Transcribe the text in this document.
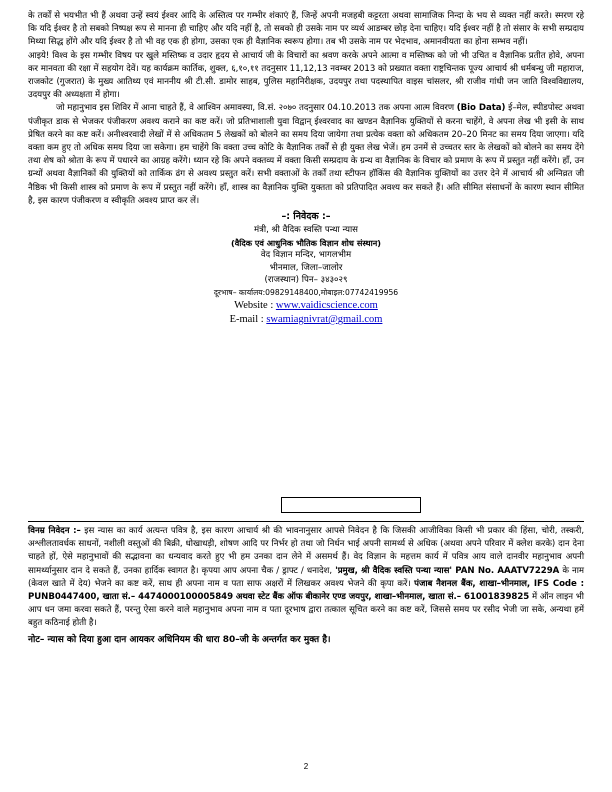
के तर्कों से भयभीत भी हैं अथवा उन्हें स्वयं ईश्वर आदि के अस्तित्व पर गम्भीर शंकाएं हैं, जिन्हें अपनी मजहबी कट्टरता अथवा सामाजिक निन्दा के भय से व्यक्त नहीं करते। स्मरण रहे कि यदि ईश्वर है तो सबको निष्पक्ष रूप से मानना ही चाहिए और यदि नहीं है, तो सबको ही उसके नाम पर व्यर्थ आडम्बर छोड़ देना चाहिए। यदि ईश्वर नहीं है तो संसार के सभी सम्प्रदाय मिथ्या सिद्ध होंगे और यदि ईश्वर है तो भी वह एक ही होगा, उसका एक ही वैज्ञानिक स्वरूप होगा। तब भी उसके नाम पर भेदभाव, अमानवीयता का होना सम्भव नहीं।

आइये! विश्व के इस गम्भीर विषय पर खुले मस्तिष्क व उदार हृदय से आचार्य जी के विचारों का श्रवण करके अपने आत्मा व मस्तिष्क को जो भी उचित व वैज्ञानिक प्रतीत होवे, अपना कर मानवता की रक्षा में सहयोग देवें। यह कार्यक्रम कार्तिक, शुक्ल, ६,१०,११ तदनुसार 11,12,13 नवम्बर 2013 को प्रख्यात वक्ता राष्ट्रचिन्तक पूज्य आचार्य श्री धर्मबन्धु जी महाराज, राजकोट (गुजरात) के मुख्य आतिथ्य एवं माननीय श्री टी.सी. डामोर साहब, पुलिस महानिरीक्षक, उदयपुर तथा पदस्थापित वाइस चांसलर, श्री राजीव गांधी जन जाति विश्वविद्यालय, उदयपुर की अध्यक्षता में होगा।

जो महानुभाव इस शिविर में आना चाहते हैं, वे आश्विन अमावस्या, वि.सं. २०७० तदनुसार 04.10.2013 तक अपना आत्म विवरण (Bio Data) ई–मेल, स्पीडपोस्ट अथवा पंजीकृत डाक से भेजकर पंजीकरण अवश्य कराने का कष्ट करें। जो प्रतिभाशाली युवा विद्वान् ईश्वरवाद का खण्डन वैज्ञानिक युक्तियों से करना चाहेंगे, वे अपना लेख भी इसी के साथ प्रेषित करने का कष्ट करें। अनीश्वरवादी लेखों में से अधिकतम 5 लेखकों को बोलने का समय दिया जायेगा तथा प्रत्येक वक्ता को अधिकतम 20–20 मिनट का समय दिया जाएगा। यदि वक्ता कम हुए तो अधिक समय दिया जा सकेगा। हम चाहेंगे कि वक्ता उच्च कोटि के वैज्ञानिक तर्कों से ही युक्त लेख भेजें। हम उनमें से उच्चतर स्तर के लेखकों को बोलने का समय देंगे तथा शेष को श्रोता के रूप में पधारने का आग्रह करेंगे। ध्यान रहे कि अपने वक्तव्य में वक्ता किसी सम्प्रदाय के ग्रन्थ वा वैज्ञानिक के विचार को प्रमाण के रूप में प्रस्तुत नहीं करेंगे। हाँ, उन ग्रन्थों अथवा वैज्ञानिकों की युक्तियों को तार्किक ढंग से अवश्य प्रस्तुत करें। सभी वक्ताओं के तर्कों तथा स्टीफन हॉकिंस की वैज्ञानिक युक्तियों का उत्तर देने में आचार्य श्री अग्निव्रत जी नैष्ठिक भी किसी शास्त्र को प्रमाण के रूप में प्रस्तुत नहीं करेंगे। हाँ, शास्त्र का वैज्ञानिक युक्ति युक्तता को प्रतिपादित अवश्य कर सकते हैं। अति सीमित संसाधनों के कारण स्थान सीमित है, इस कारण पंजीकरण व स्वीकृति अवश्य प्राप्त कर लें।

–: निवेदक :–
मंत्री, श्री वैदिक स्वस्ति पन्था न्यास
(वैदिक एवं आधुनिक भौतिक विज्ञान शोध संस्थान)
वेद विज्ञान मन्दिर, भागलभीम
भीनमाल, जिला–जालोर
(राजस्थान) पिन– ३४३०२९
दूरभाष– कार्यालय:09829148400,मोबाइल:07742419956
Website : www.vaidicscience.com
E-mail : swamiagnivrat@gmail.com

विनम्र निवेदन :– इस न्यास का कार्य अत्यन्त पवित्र है, इस कारण आचार्य श्री की भावनानुसार आपसे निवेदन है कि जिसकी आजीविका किसी भी प्रकार की हिंसा, चोरी, तस्करी, अश्लीलतावर्धक साधनों, नशीली वस्तुओं की बिक्री, धोखाधड़ी, शोषण आदि पर निर्भर हो तथा जो निर्धन भाई अपनी सामर्थ्य से अधिक (अथवा अपने परिवार में क्लेश करके) दान देना चाहते हों, ऐसे महानुभावों की सद्भावना का धन्यवाद करते हुए भी हम उनका दान लेने में असमर्थ हैं। वेद विज्ञान के महत्तम कार्य में पवित्र आय वाले दानवीर महानुभाव अपनी सामर्थ्यानुसार दान दे सकते हैं, उनका हार्दिक स्वागत है। कृपया आप अपना चैक / ड्राफ्ट / धनादेश, 'प्रमुख, श्री वैदिक स्वस्ति पन्था न्यास' PAN No. AAATV7229A के नाम (केवल खाते में देय) भेजने का कष्ट करें, साथ ही अपना नाम व पता साफ अक्षरों में लिखकर अवश्य भेजने की कृपा करें। पंजाब नैशनल बैंक, शाखा–भीनमाल, IFS Code : PUNB0447400, खाता सं.– 4474000100005849 अथवा स्टेट बैंक ऑफ बीकानेर एण्ड जयपुर, शाखा–भीनमाल, खाता सं.– 61001839825 में ऑन लाइन भी आप धन जमा करवा सकते हैं, परन्तु ऐसा करने वाले महानुभाव अपना नाम व पता दूरभाष द्वारा तत्काल सूचित करने का कष्ट करें, जिससे समय पर रसीद भेजी जा सके, अन्यथा हमें बहुत कठिनाई होती है।

नोट– न्यास को दिया हुआ दान आयकर अधिनियम की धारा 80–जी के अन्तर्गत कर मुक्त है।
2
